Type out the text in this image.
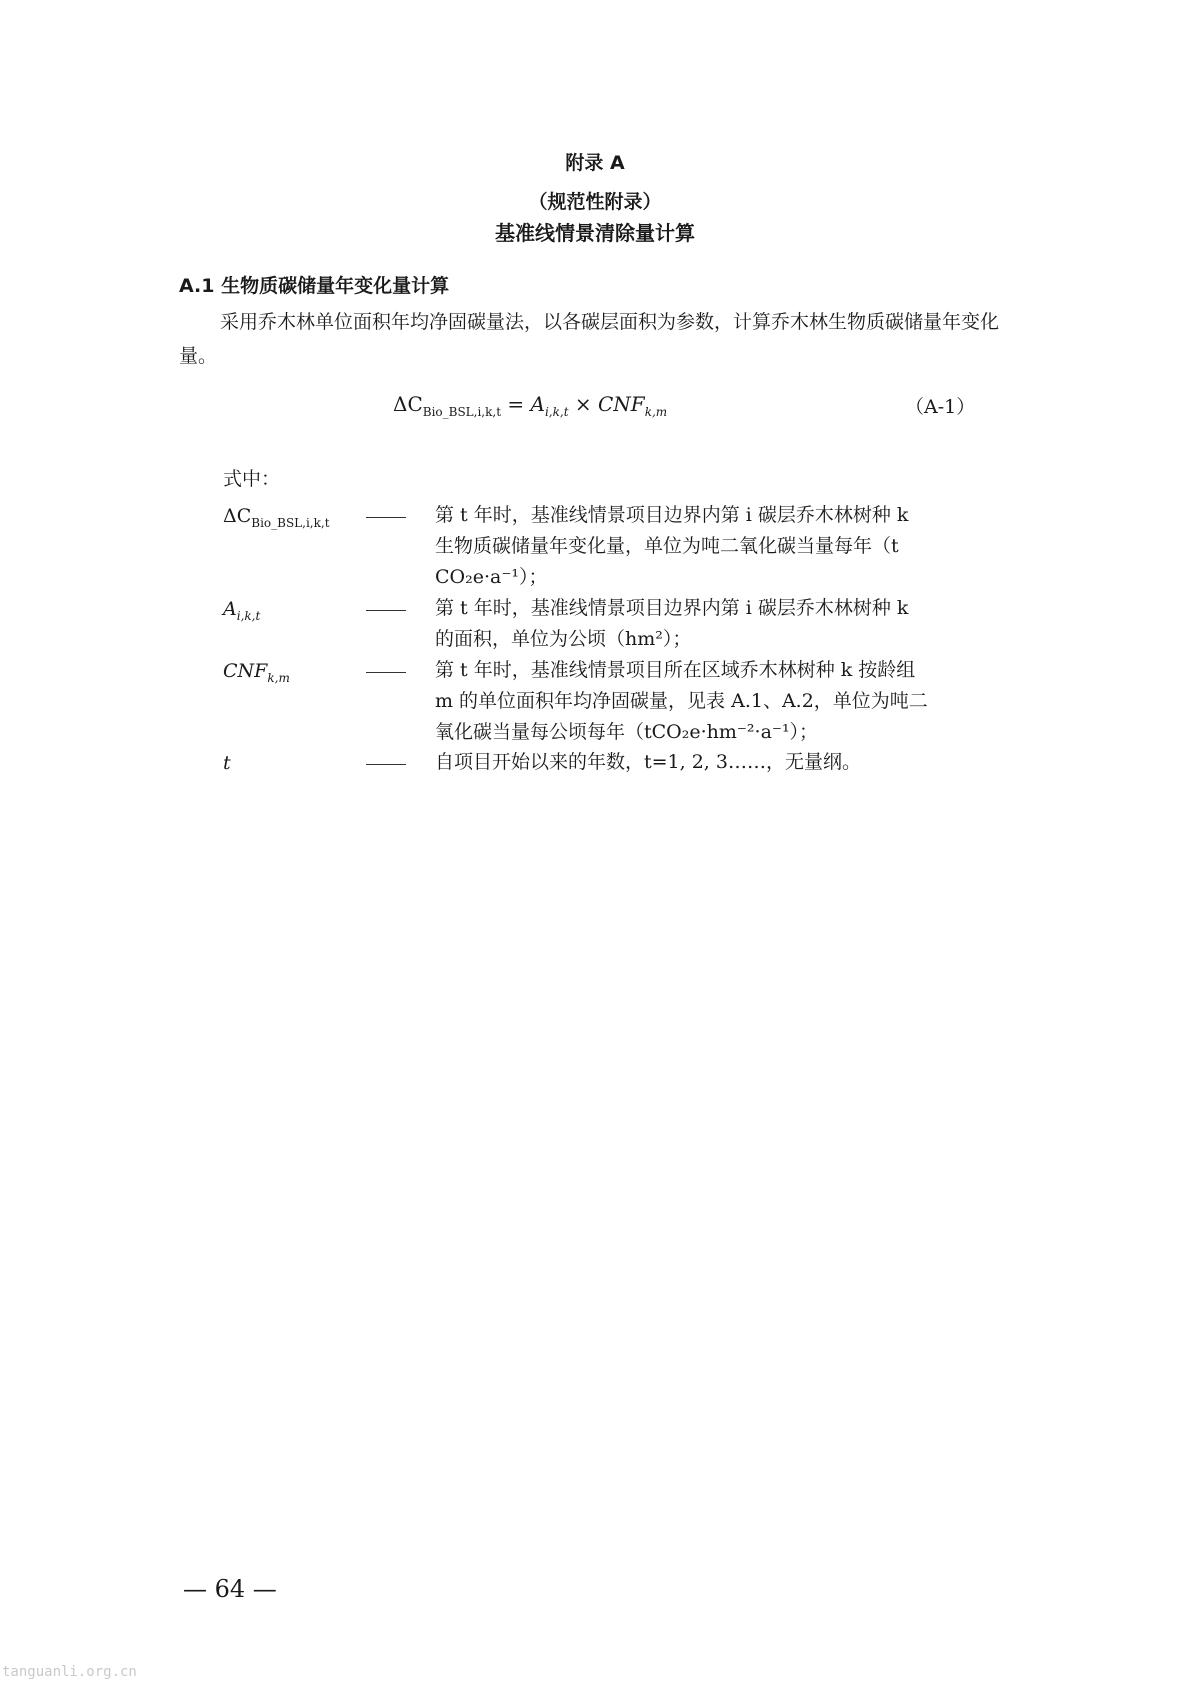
附录 A
（规范性附录）
基准线情景清除量计算
A.1 生物质碳储量年变化量计算
采用乔木林单位面积年均净固碳量法，以各碳层面积为参数，计算乔木林生物质碳储量年变化量。
$\Delta C_{Bio\_BSL,i,k,t} = A_{i,k,t} \times CNF_{k,m}$	（A-1）
式中：
$\Delta C_{Bio\_BSL,i,k,t}$	第 t 年时，基准线情景项目边界内第 i 碳层乔木林树种 k
生物质碳储量年变化量，单位为吨二氧化碳当量每年（t
CO₂e·a⁻¹）；
$A_{i,k,t}$	第 t 年时，基准线情景项目边界内第 i 碳层乔木林树种 k
的面积，单位为公顷（hm²）；
$CNF_{k,m}$	第 t 年时，基准线情景项目所在区域乔木林树种 k 按龄组
m 的单位面积年均净固碳量，见表 A.1、A.2，单位为吨二
氧化碳当量每公顷每年（tCO₂e·hm⁻²·a⁻¹）；
t	自项目开始以来的年数，t=1, 2, 3……，无量纲。
— 64 —
tanguanli.org.cn
